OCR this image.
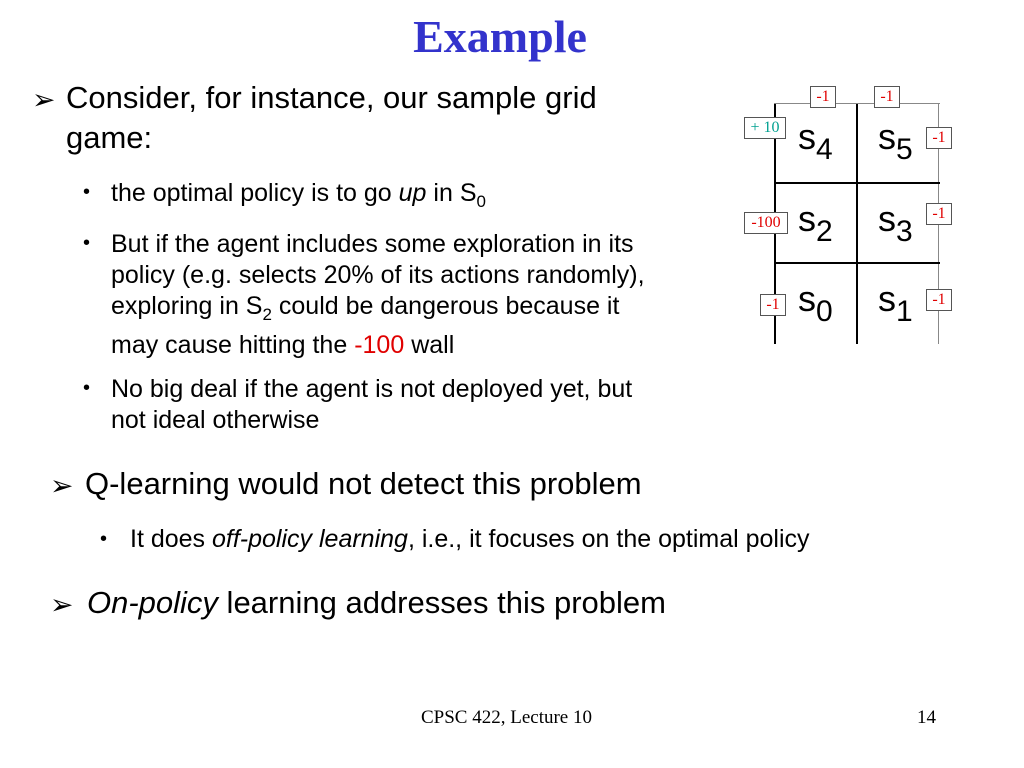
Example
➢ Consider, for instance, our sample grid game:
• the optimal policy is to go up in $S_0$
• But if the agent includes some exploration in its
policy (e.g. selects 20% of its actions randomly),
exploring in $S_2$ could be dangerous because it
may cause hitting the -100 wall
• No big deal if the agent is not deployed yet, but
not ideal otherwise
➢ Q-learning would not detect this problem
• It does off-policy learning, i.e., it focuses on the optimal policy
➢ On-policy learning addresses this problem
$s_4$ $s_5$
$s_2$ $s_3$
$s_0$ $s_1$
-1	-1
+ 10
-1
-100
-1
-1	-1
CPSC 422, Lecture 10	14
